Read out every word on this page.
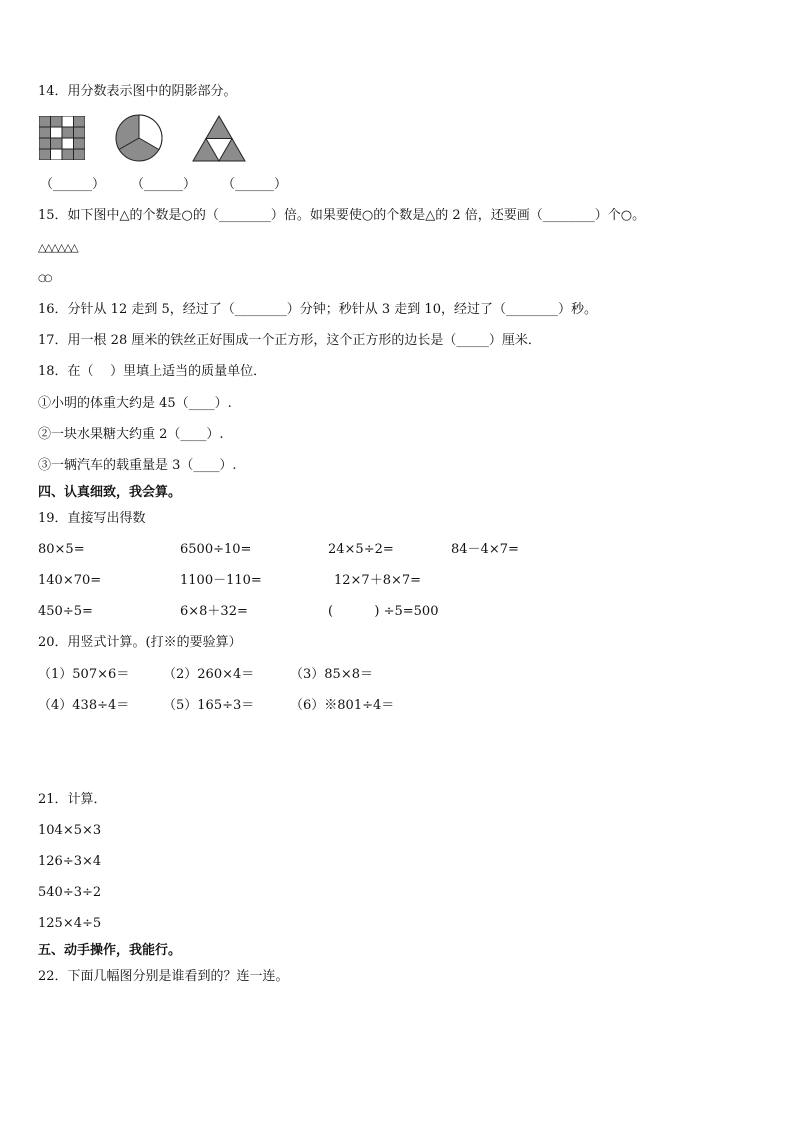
14．用分数表示图中的阴影部分。
（______） （______） （______）
15．如下图中△的个数是○的（________）倍。如果要使○的个数是△的 2 倍，还要画（________）个○。
△△△△△△
○○
16．分针从 12 走到 5，经过了（________）分钟；秒针从 3 走到 10，经过了（________）秒。
17．用一根 28 厘米的铁丝正好围成一个正方形，这个正方形的边长是（_____）厘米．
18．在（    ）里填上适当的质量单位．
①小明的体重大约是 45（____）.
②一块水果糖大约重 2（____）.
③一辆汽车的载重量是 3（____）.
四、认真细致，我会算。
19．直接写出得数
80×5=	6500÷10=	24×5÷2=	84－4×7=
140×70=	1100－110=	12×7＋8×7=
450÷5=	6×8＋32=	(          ) ÷5=500
20．用竖式计算。(打※的要验算）
（1）507×6＝	（2）260×4＝	（3）85×8＝
（4）438÷4＝	（5）165÷3＝	（6）※801÷4＝
21．计算．
104×5×3
126÷3×4
540÷3÷2
125×4÷5
五、动手操作，我能行。
22．下面几幅图分别是谁看到的？连一连。
